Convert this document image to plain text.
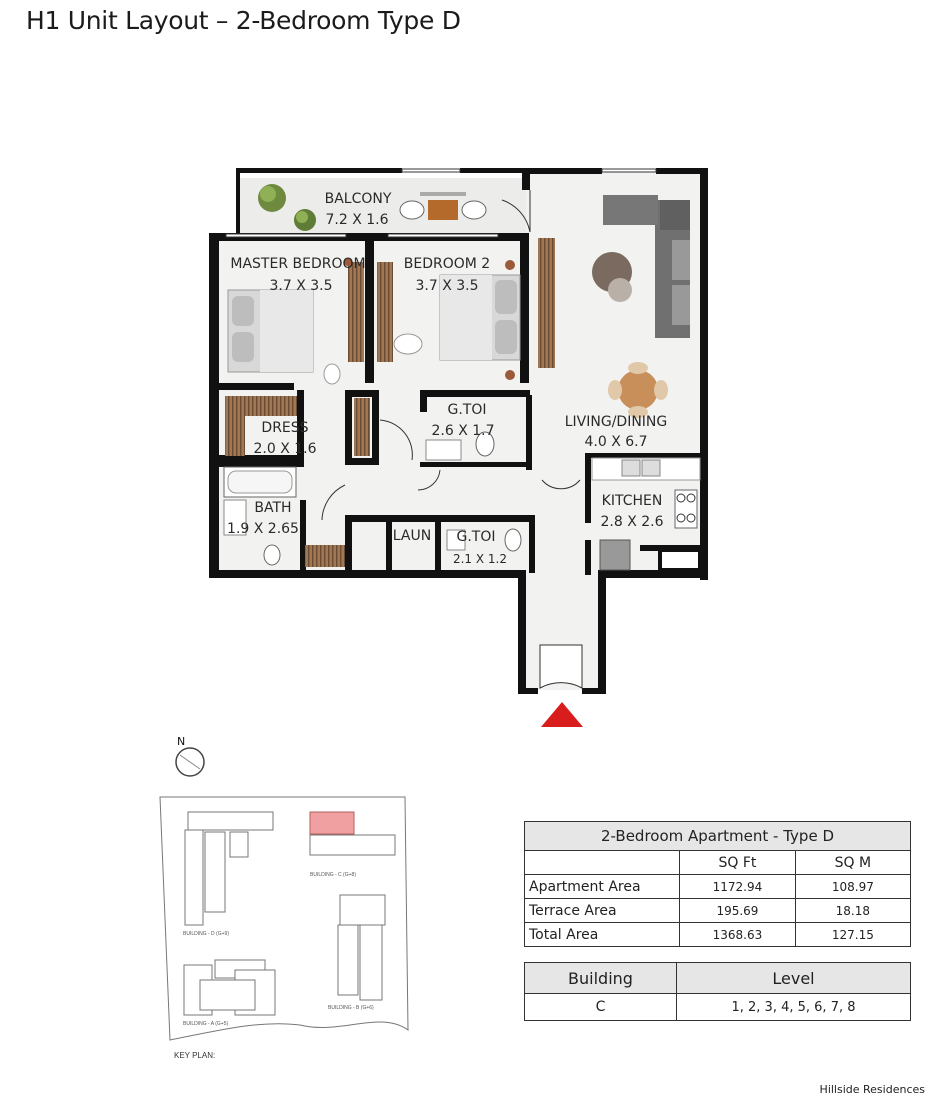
H1 Unit Layout – 2-Bedroom Type D
BALCONY
7.2 X 1.6
MASTER BEDROOM
3.7 X 3.5
BEDROOM 2
3.7 X 3.5
DRESS
2.0 X 1.6
G.TOI
2.6 X 1.7
LIVING/DINING
4.0 X 6.7
KITCHEN
2.8 X 2.6
BATH
1.9 X 2.65	LAUN G.TOI
2.1 X 1.2
N
BUILDING - C (G+8)
BUILDING - D (G+9)
BUILDING - A (G+5)
BUILDING - B (G+6)
KEY PLAN:
2-Bedroom Apartment - Type D		
	SQ Ft	SQ M
Apartment Area	1172.94	108.97
Terrace Area	195.69	18.18
Total Area	1368.63	127.15
Building	Level
C	1, 2, 3, 4, 5, 6, 7, 8
Hillside Residences
